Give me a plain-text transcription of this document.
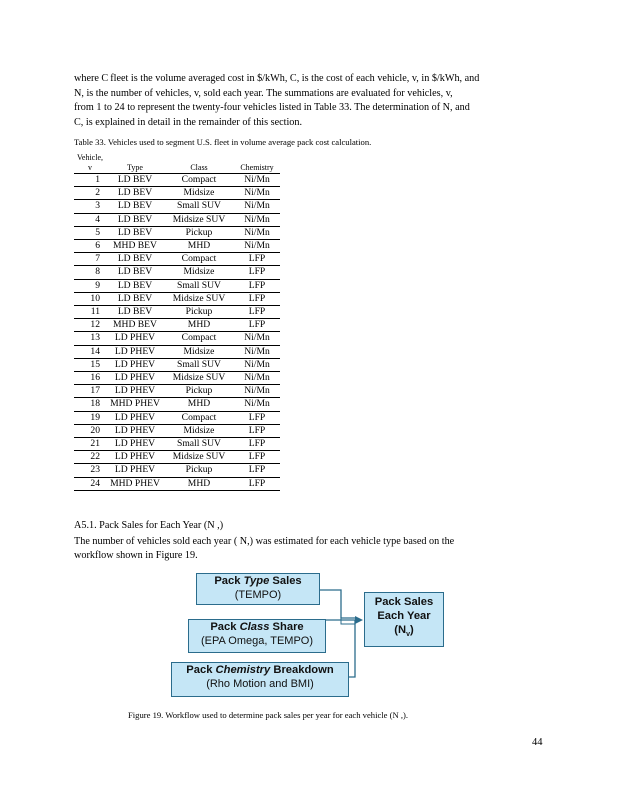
where C fleet is the volume averaged cost in $/kWh, C, is the cost of each vehicle, v, in $/kWh, and

N, is the number of vehicles, v, sold each year. The summations are evaluated for vehicles, v,

from 1 to 24 to represent the twenty-four vehicles listed in Table 33. The determination of N, and

C, is explained in detail in the remainder of this section.

Table 33. Vehicles used to segment U.S. fleet in volume average pack cost calculation.
Vehicle,
v	Type	Class	Chemistry
1	LD BEV	Compact	Ni/Mn
2	LD BEV	Midsize	Ni/Mn
3	LD BEV	Small SUV	Ni/Mn
4	LD BEV	Midsize SUV	Ni/Mn
5	LD BEV	Pickup	Ni/Mn
6	MHD BEV	MHD	Ni/Mn
7	LD BEV	Compact	LFP
8	LD BEV	Midsize	LFP
9	LD BEV	Small SUV	LFP
10	LD BEV	Midsize SUV	LFP
11	LD BEV	Pickup	LFP
12	MHD BEV	MHD	LFP
13	LD PHEV	Compact	Ni/Mn
14	LD PHEV	Midsize	Ni/Mn
15	LD PHEV	Small SUV	Ni/Mn
16	LD PHEV	Midsize SUV	Ni/Mn
17	LD PHEV	Pickup	Ni/Mn
18	MHD PHEV	MHD	Ni/Mn
19	LD PHEV	Compact	LFP
20	LD PHEV	Midsize	LFP
21	LD PHEV	Small SUV	LFP
22	LD PHEV	Midsize SUV	LFP
23	LD PHEV	Pickup	LFP
24	MHD PHEV	MHD	LFP
A5.1. Pack Sales for Each Year (N ,)

The number of vehicles sold each year ( N,) was estimated for each vehicle type based on the

workflow shown in Figure 19.

Pack Type Sales
(TEMPO)
Pack Class Share
(EPA Omega, TEMPO)
Pack Chemistry Breakdown
(Rho Motion and BMI)
Pack Sales
Each Year
$(N_v)$
Figure 19. Workflow used to determine pack sales per year for each vehicle (N ,).
44
